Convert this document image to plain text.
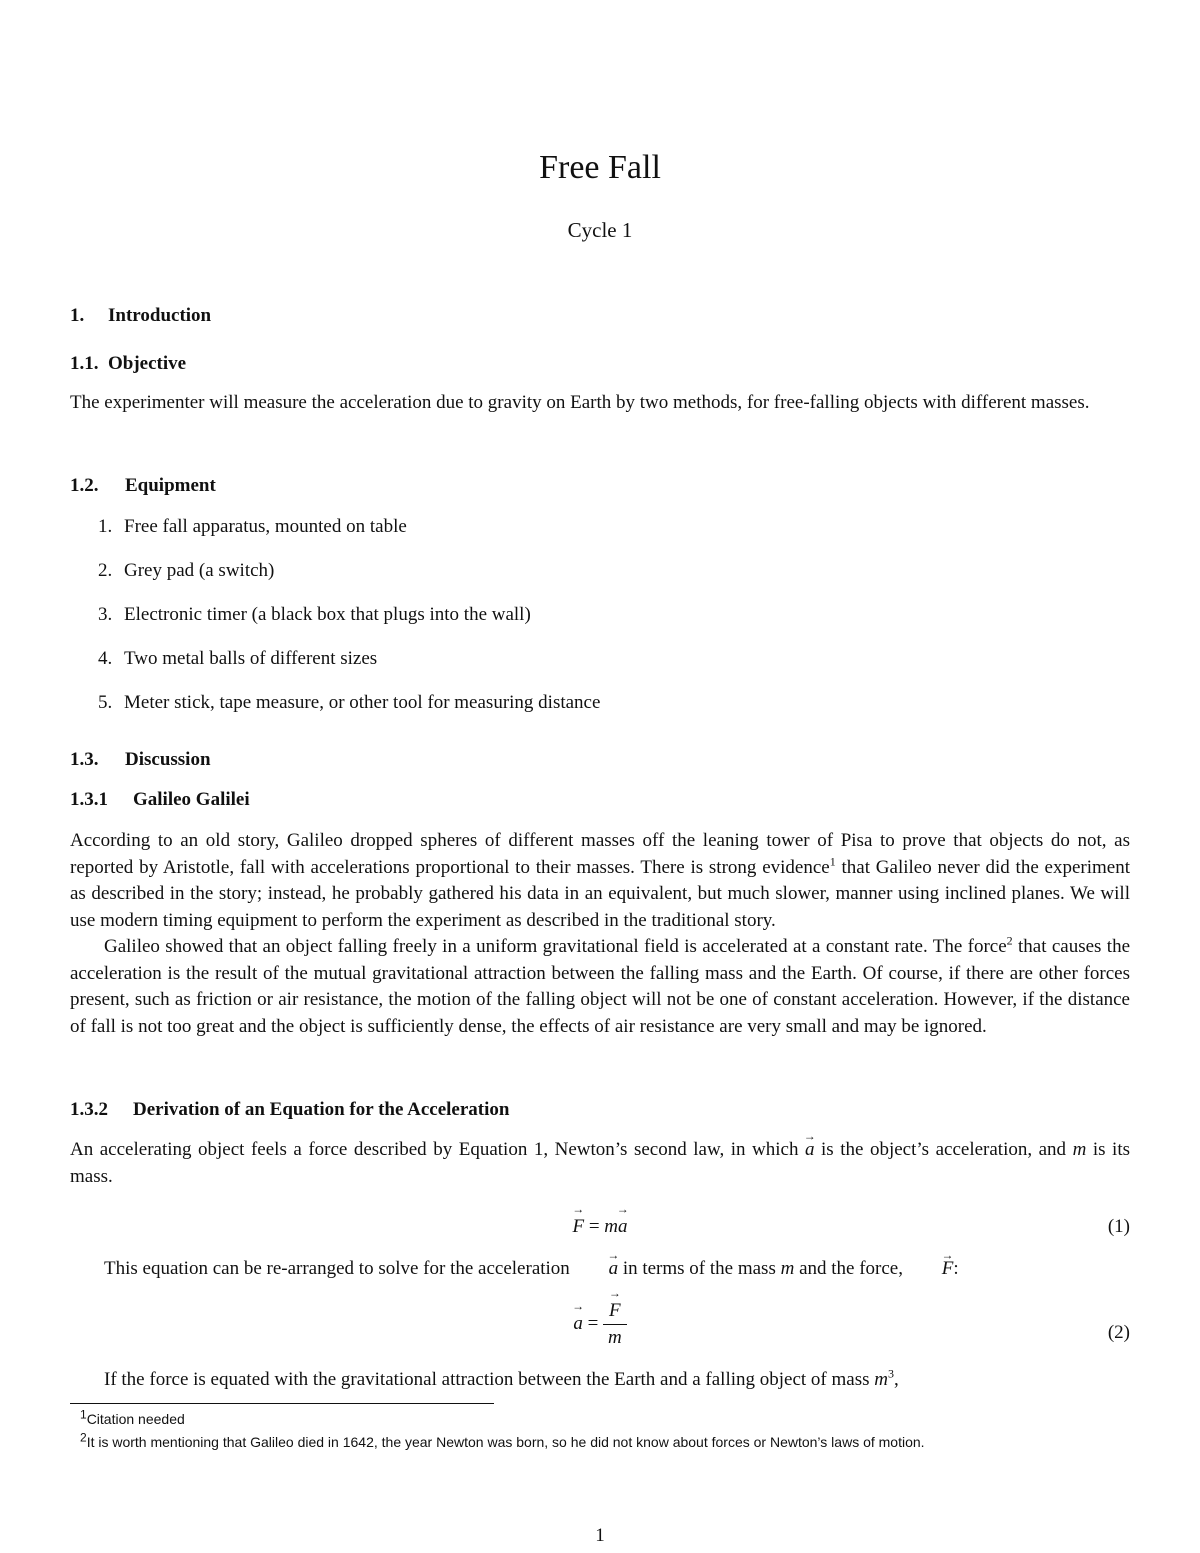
Free Fall
Cycle 1
1. Introduction
1.1. Objective
The experimenter will measure the acceleration due to gravity on Earth by two methods, for free-falling objects with different masses.
1.2. Equipment
1. Free fall apparatus, mounted on table
2. Grey pad (a switch)
3. Electronic timer (a black box that plugs into the wall)
4. Two metal balls of different sizes
5. Meter stick, tape measure, or other tool for measuring distance
1.3. Discussion
1.3.1 Galileo Galilei
According to an old story, Galileo dropped spheres of different masses off the leaning tower of Pisa to prove that objects do not, as reported by Aristotle, fall with accelerations proportional to their masses. There is strong evidence$^1$ that Galileo never did the experiment as described in the story; instead, he probably gathered his data in an equivalent, but much slower, manner using inclined planes. We will use modern timing equipment to perform the experiment as described in the traditional story.
Galileo showed that an object falling freely in a uniform gravitational field is accelerated at a constant rate. The force$^2$ that causes the acceleration is the result of the mutual gravitational attraction between the falling mass and the Earth. Of course, if there are other forces present, such as friction or air resistance, the motion of the falling object will not be one of constant acceleration. However, if the distance of fall is not too great and the object is sufficiently dense, the effects of air resistance are very small and may be ignored.
1.3.2 Derivation of an Equation for the Acceleration
An accelerating object feels a force described by Equation 1, Newton’s second law, in which → a is the object’s acceleration, and m is its mass.
→ F = m→ a	(1)
This equation can be re-arranged to solve for the acceleration → a in terms of the mass m and the force, → F:
→ a =
→ $\frac{F}{m}$	(2)
If the force is equated with the gravitational attraction between the Earth and a falling object of mass $m^3$,
$^1$Citation needed
$^2$It is worth mentioning that Galileo died in 1642, the year Newton was born, so he did not know about forces or Newton’s laws of motion.
1
